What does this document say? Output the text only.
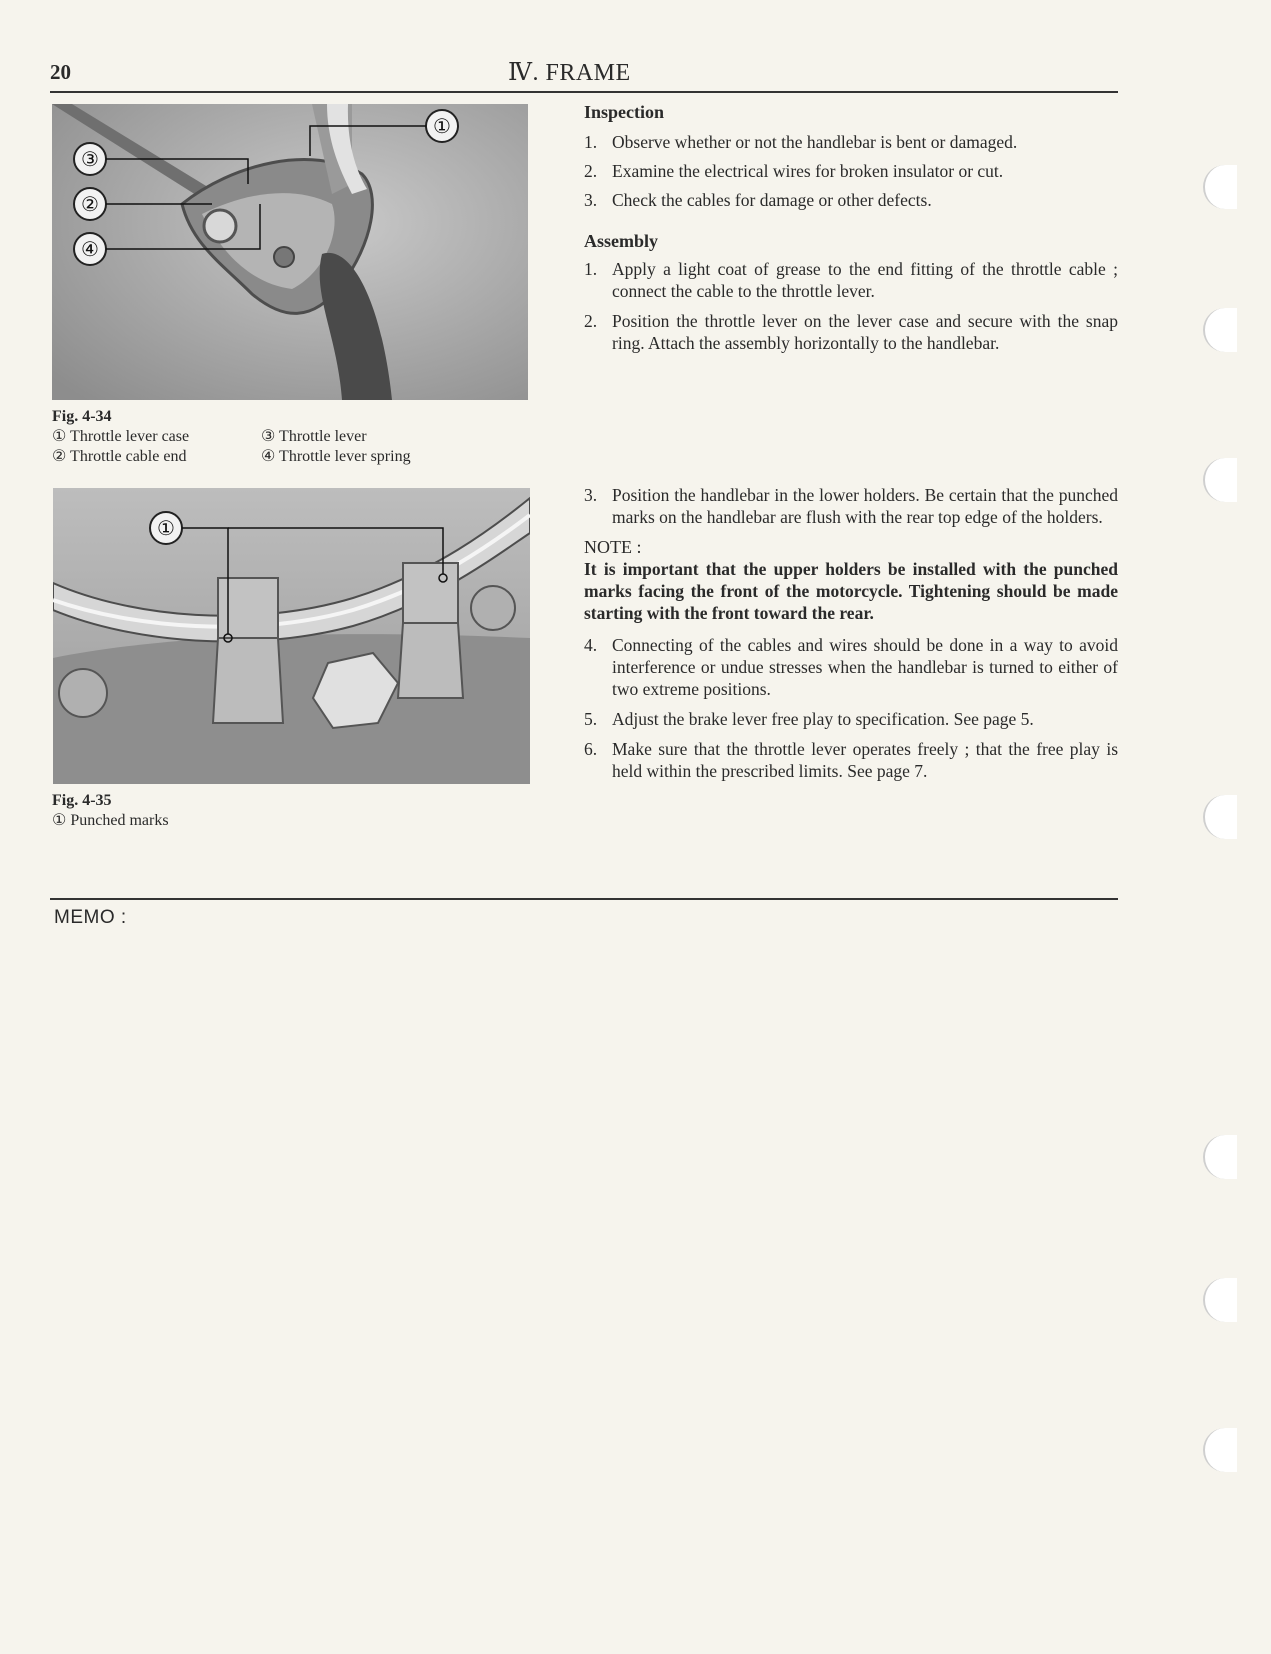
20	Ⅳ. FRAME
①
③
②
④
Fig. 4-34
① Throttle lever case	③ Throttle lever
② Throttle cable end	④ Throttle lever spring
①
Fig. 4-35
① Punched marks

Inspection

1. Observe whether or not the handlebar is bent or damaged.
2. Examine the electrical wires for broken insulator or cut.
3. Check the cables for damage or other defects.

Assembly

1. Apply a light coat of grease to the end fitting of the throttle cable ; connect the cable to the throttle lever.
2. Position the throttle lever on the lever case and secure with the snap ring. Attach the assembly horizontally to the handlebar.
3. Position the handlebar in the lower holders. Be certain that the punched marks on the handlebar are flush with the rear top edge of the holders.

NOTE :

It is important that the upper holders be installed with the punched marks facing the front of the motorcycle. Tightening should be made starting with the front toward the rear.

4. Connecting of the cables and wires should be done in a way to avoid interference or undue stresses when the handlebar is turned to either of two extreme positions.
5. Adjust the brake lever free play to specification. See page 5.
6. Make sure that the throttle lever operates freely ; that the free play is held within the prescribed limits. See page 7.
MEMO :
